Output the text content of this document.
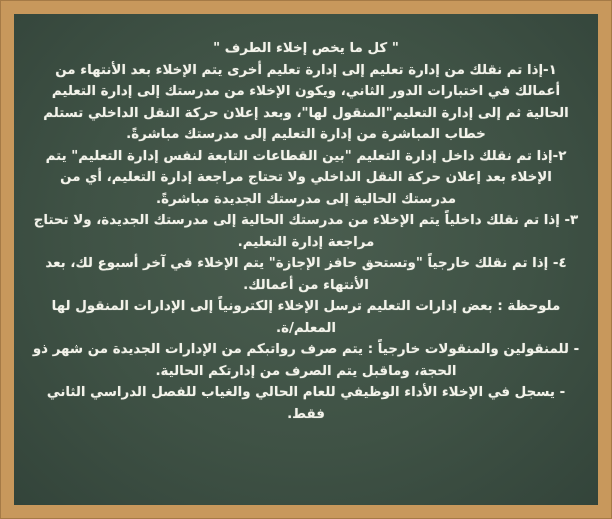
" كل ما يخص إخلاء الطرف "
١-إذا تم نقلك من إدارة تعليم إلى إدارة تعليم أخرى يتم الإخلاء بعد الأنتهاء من
أعمالك في اختبارات الدور الثاني، ويكون الإخلاء من مدرستك إلى إدارة التعليم
الحالية ثم إلى إدارة التعليم"المنقول لها"، وبعد إعلان حركة النقل الداخلي تستلم
خطاب المباشرة من إدارة التعليم إلى مدرستك مباشرةً.
٢-إذا تم نقلك داخل إدارة التعليم "بين القطاعات التابعة لنفس إدارة التعليم" يتم
الإخلاء بعد إعلان حركة النقل الداخلي ولا تحتاج مراجعة إدارة التعليم، أي من
مدرستك الحالية إلى مدرستك الجديدة مباشرةً.
٣- إذا تم نقلك داخلياً يتم الإخلاء من مدرستك الحالية إلى مدرستك الجديدة، ولا تحتاج
مراجعة إدارة التعليم.
٤- إذا تم نقلك خارجياً "وتستحق حافز الإجازة" يتم الإخلاء في آخر أسبوع لك، بعد
الأنتهاء من أعمالك.
ملوحظة : بعض إدارات التعليم ترسل الإخلاء إلكترونياً إلى الإدارات المنقول لها
المعلم/ة.
- للمنقولين والمنقولات خارجياً : يتم صرف رواتبكم من الإدارات الجديدة من شهر ذو
الحجة، وماقبل يتم الصرف من إدارتكم الحالية.
- يسجل في الإخلاء الأداء الوظيفي للعام الحالي والغياب للفصل الدراسي الثاني
فقط.
